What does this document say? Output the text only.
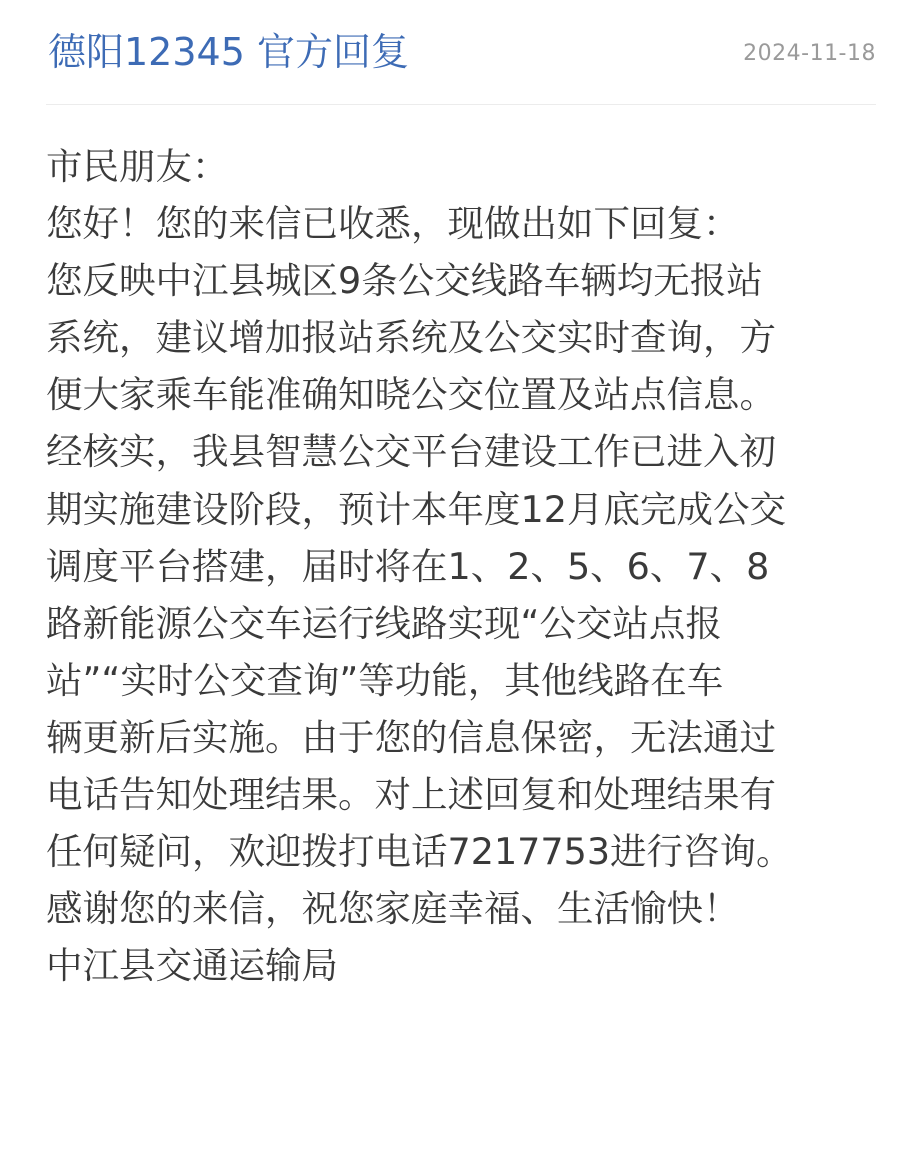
德阳12345 官方回复	2024-11-18
市民朋友：
您好！您的来信已收悉，现做出如下回复：
您反映中江县城区9条公交线路车辆均无报站
系统，建议增加报站系统及公交实时查询，方
便大家乘车能准确知晓公交位置及站点信息。
经核实，我县智慧公交平台建设工作已进入初
期实施建设阶段，预计本年度12月底完成公交
调度平台搭建，届时将在1、2、5、6、7、8
路新能源公交车运行线路实现“公交站点报
站”“实时公交查询”等功能，其他线路在车
辆更新后实施。由于您的信息保密，无法通过
电话告知处理结果。对上述回复和处理结果有
任何疑问，欢迎拨打电话7217753进行咨询。
感谢您的来信，祝您家庭幸福、生活愉快！
中江县交通运输局
